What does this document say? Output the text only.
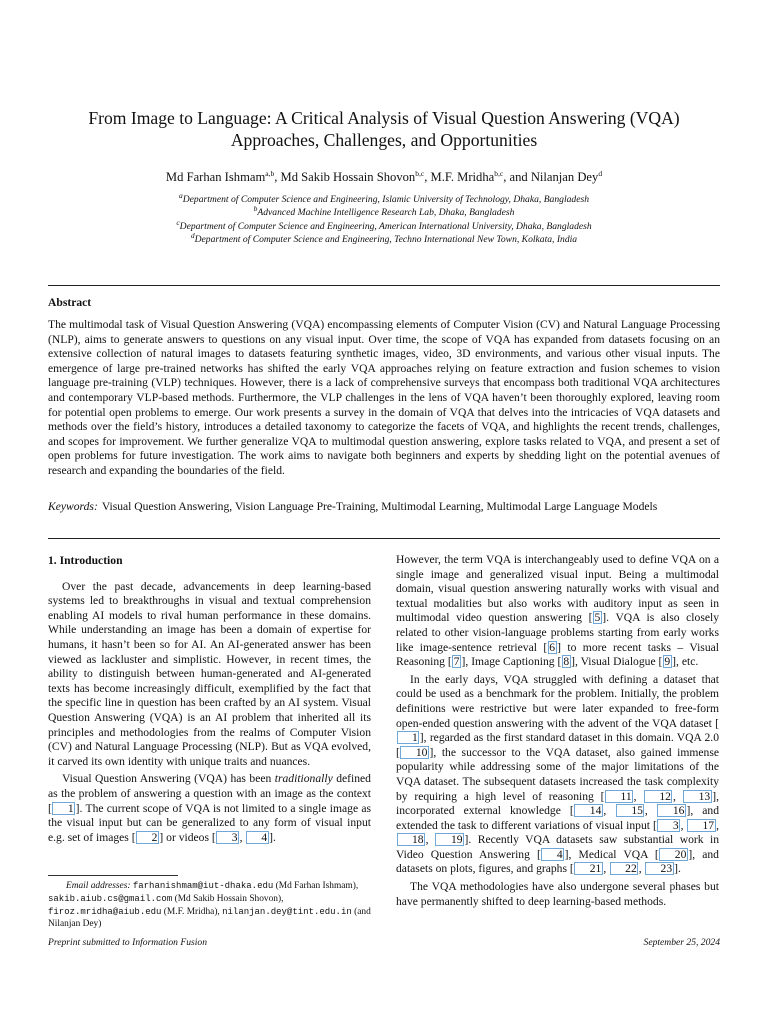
From Image to Language: A Critical Analysis of Visual Question Answering (VQA)
Approaches, Challenges, and Opportunities
Md Farhan Ishmam$^{a,b}$, Md Sakib Hossain Shovon$^{b,c}$, M.F. Mridha$^{b,c}$, and Nilanjan Dey$^d$
$^a$Department of Computer Science and Engineering, Islamic University of Technology, Dhaka, Bangladesh
$^b$Advanced Machine Intelligence Research Lab, Dhaka, Bangladesh
$^c$Department of Computer Science and Engineering, American International University, Dhaka, Bangladesh
$^d$Department of Computer Science and Engineering, Techno International New Town, Kolkata, India
Abstract
The multimodal task of Visual Question Answering (VQA) encompassing elements of Computer Vision (CV) and Natural Language Processing (NLP), aims to generate answers to questions on any visual input. Over time, the scope of VQA has expanded from datasets focusing on an extensive collection of natural images to datasets featuring synthetic images, video, 3D environments, and various other visual inputs. The emergence of large pre-trained networks has shifted the early VQA approaches relying on feature extraction and fusion schemes to vision language pre-training (VLP) techniques. However, there is a lack of comprehensive surveys that encompass both traditional VQA architectures and contemporary VLP-based methods. Furthermore, the VLP challenges in the lens of VQA haven’t been thoroughly explored, leaving room for potential open problems to emerge. Our work presents a survey in the domain of VQA that delves into the intricacies of VQA datasets and methods over the field’s history, introduces a detailed taxonomy to categorize the facets of VQA, and highlights the recent trends, challenges, and scopes for improvement. We further generalize VQA to multimodal question answering, explore tasks related to VQA, and present a set of open problems for future investigation. The work aims to navigate both beginners and experts by shedding light on the potential avenues of research and expanding the boundaries of the field.
Keywords: Visual Question Answering, Vision Language Pre-Training, Multimodal Learning, Multimodal Large Language Models
1. Introduction

Over the past decade, advancements in deep learning-based systems led to breakthroughs in visual and textual comprehension enabling AI models to rival human performance in these domains. While understanding an image has been a domain of expertise for humans, it hasn’t been so for AI. An AI-generated answer has been viewed as lackluster and simplistic. However, in recent times, the ability to distinguish between human-generated and AI-generated texts has become increasingly difficult, exemplified by the fact that the specific line in question has been crafted by an AI system. Visual Question Answering (VQA) is an AI problem that inherited all its principles and methodologies from the realms of Computer Vision (CV) and Natural Language Processing (NLP). But as VQA evolved, it carved its own identity with unique traits and nuances.

Visual Question Answering (VQA) has been traditionally defined as the problem of answering a question with an image as the context [ 1 ]. The current scope of VQA is not limited to a single image as the visual input but can be generalized to any form of visual input e.g. set of images [ 2 ] or videos [ 3 , 4 ].

However, the term VQA is interchangeably used to define VQA on a single image and generalized visual input. Being a multimodal domain, visual question answering naturally works with visual and textual modalities but also works with auditory input as seen in multimodal video question answering [ 5 ]. VQA is also closely related to other vision-language problems starting from early works like image-sentence retrieval [ 6 ] to more recent tasks – Visual Reasoning [ 7 ], Image Captioning [ 8 ], Visual Dialogue [ 9 ], etc.

In the early days, VQA struggled with defining a dataset that could be used as a benchmark for the problem. Initially, the problem definitions were restrictive but were later expanded to free-form open-ended question answering with the advent of the VQA dataset [1 ], regarded as the first standard dataset in this domain. VQA 2.0 [ 10 ], the successor to the VQA dataset, also gained immense popularity while addressing some of the major limitations of the VQA dataset. The subsequent datasets increased the task complexity by requiring a high level of reasoning [ 11 , 12 , 13 ], incorporated external knowledge [ 14 , 15 , 16 ], and extended the task to different variations of visual input [ 3 , 17 , 18 , 19 ]. Recently VQA datasets saw substantial work in Video Question Answering [ 4 ], Medical VQA [ 20 ], and datasets on plots, figures, and graphs [ 21 , 22 , 23 ].

The VQA methodologies have also undergone several phases but have permanently shifted to deep learning-based methods.

Email addresses: farhanishmam@iut-dhaka.edu (Md Farhan Ishmam), sakib.aiub.cs@gmail.com (Md Sakib Hossain Shovon), firoz.mridha@aiub.edu (M.F. Mridha), nilanjan.dey@tint.edu.in (and Nilanjan Dey)
Preprint submitted to Information Fusion	September 25, 2024
